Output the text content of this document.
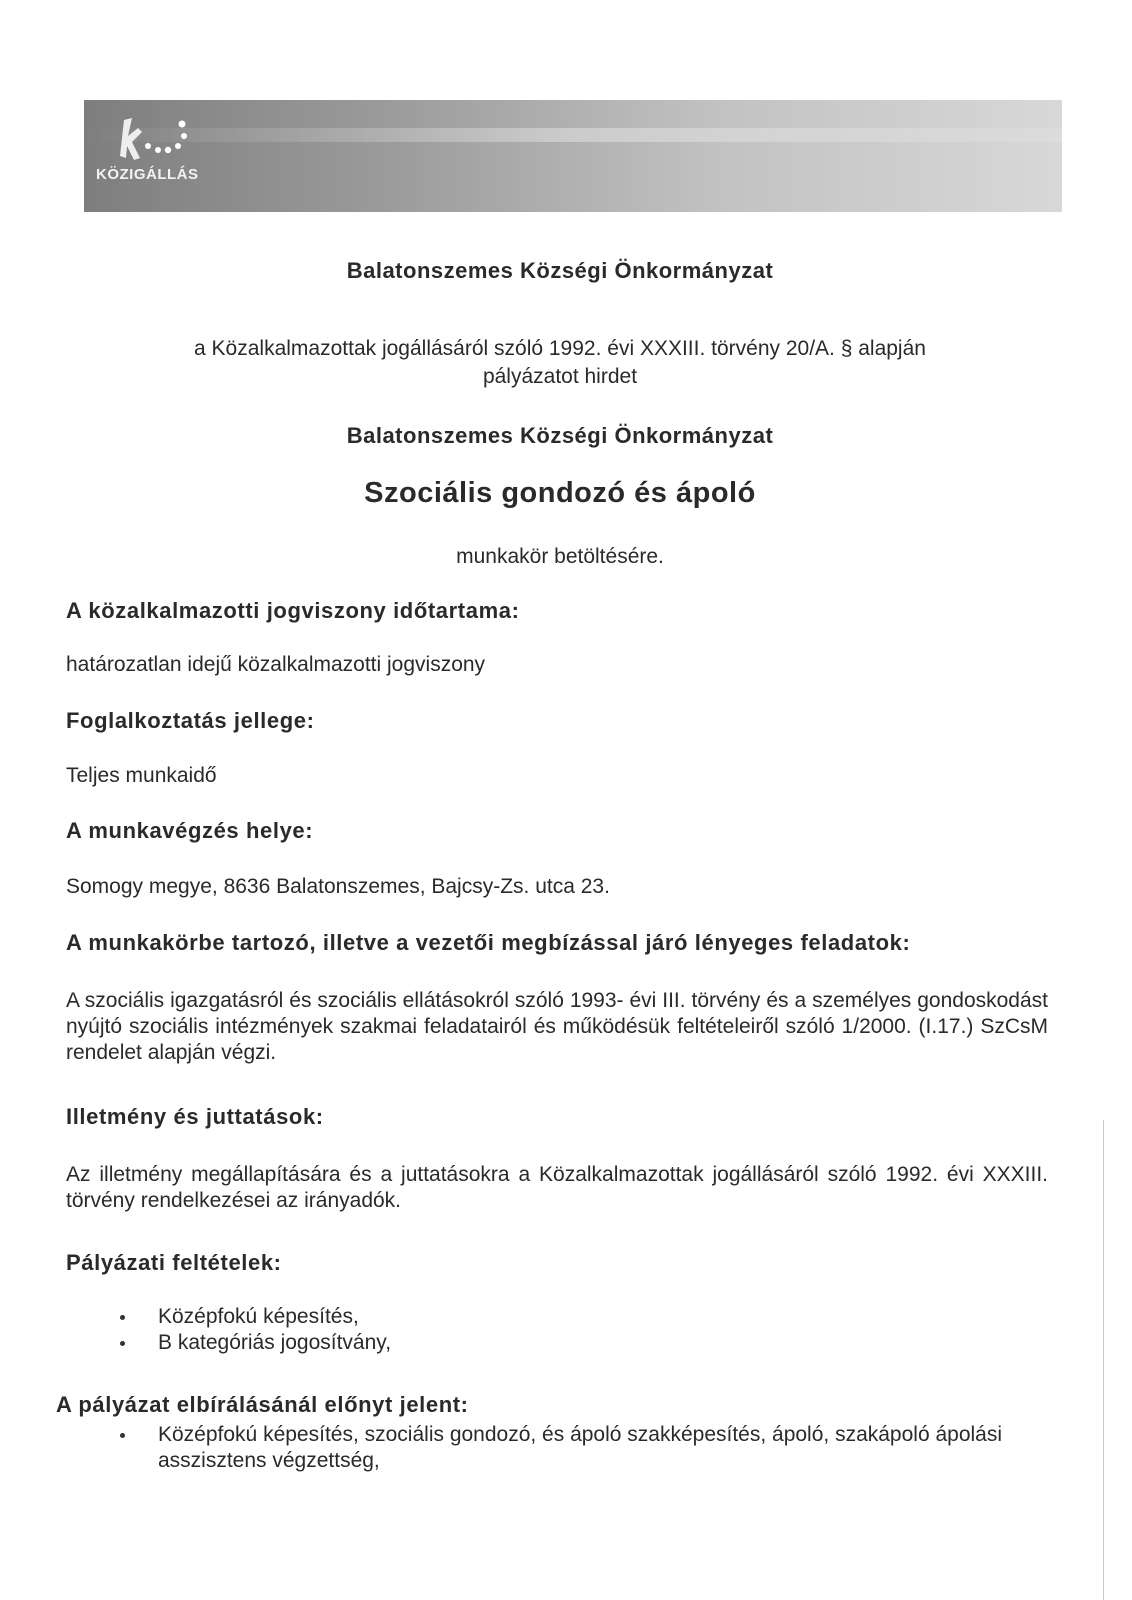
KÖZIGÁLLÁS
Balatonszemes Községi Önkormányzat
a Közalkalmazottak jogállásáról szóló 1992. évi XXXIII. törvény 20/A. § alapján
pályázatot hirdet
Balatonszemes Községi Önkormányzat
Szociális gondozó és ápoló
munkakör betöltésére.
A közalkalmazotti jogviszony időtartama:
határozatlan idejű közalkalmazotti jogviszony
Foglalkoztatás jellege:
Teljes munkaidő
A munkavégzés helye:
Somogy megye, 8636 Balatonszemes, Bajcsy-Zs. utca 23.
A munkakörbe tartozó, illetve a vezetői megbízással járó lényeges feladatok:
A szociális igazgatásról és szociális ellátásokról szóló 1993- évi III. törvény és a személyes gondoskodást nyújtó szociális intézmények szakmai feladatairól és működésük feltételeiről szóló 1/2000. (I.17.) SzCsM rendelet alapján végzi.
Illetmény és juttatások:
Az illetmény megállapítására és a juttatásokra a Közalkalmazottak jogállásáról szóló 1992. évi XXXIII. törvény rendelkezései az irányadók.
Pályázati feltételek:
Középfokú képesítés,
B kategóriás jogosítvány,
A pályázat elbírálásánál előnyt jelent:
Középfokú képesítés, szociális gondozó, és ápoló szakképesítés, ápoló, szakápoló ápolási asszisztens végzettség,
